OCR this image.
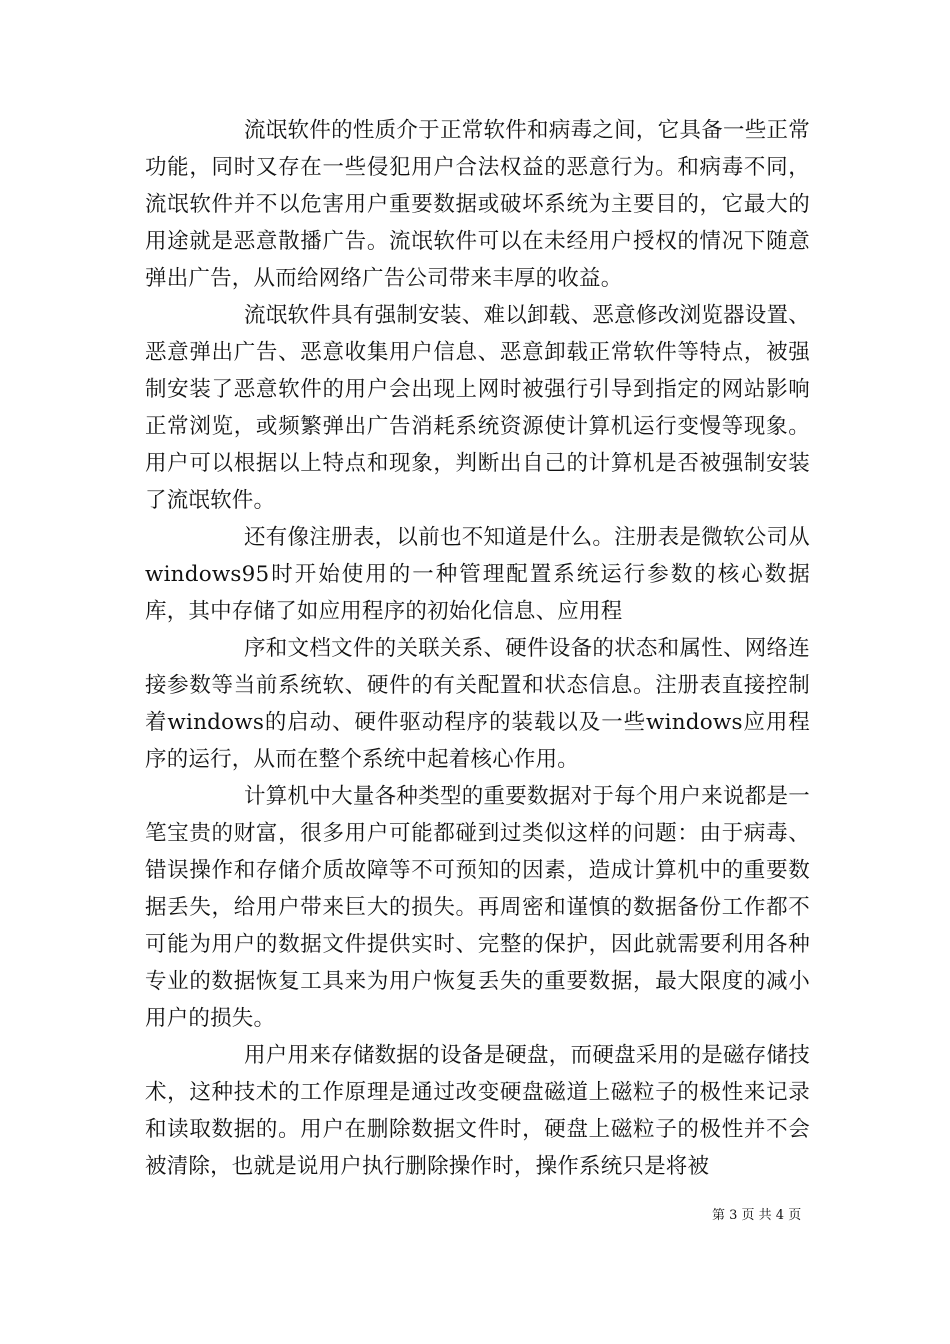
流氓软件的性质介于正常软件和病毒之间，它具备一些正常功能，同时又存在一些侵犯用户合法权益的恶意行为。和病毒不同，流氓软件并不以危害用户重要数据或破坏系统为主要目的，它最大的用途就是恶意散播广告。流氓软件可以在未经用户授权的情况下随意弹出广告，从而给网络广告公司带来丰厚的收益。

流氓软件具有强制安装、难以卸载、恶意修改浏览器设置、恶意弹出广告、恶意收集用户信息、恶意卸载正常软件等特点，被强制安装了恶意软件的用户会出现上网时被强行引导到指定的网站影响正常浏览，或频繁弹出广告消耗系统资源使计算机运行变慢等现象。用户可以根据以上特点和现象，判断出自己的计算机是否被强制安装了流氓软件。

还有像注册表，以前也不知道是什么。注册表是微软公司从windows95时开始使用的一种管理配置系统运行参数的核心数据库，其中存储了如应用程序的初始化信息、应用程

序和文档文件的关联关系、硬件设备的状态和属性、网络连接参数等当前系统软、硬件的有关配置和状态信息。注册表直接控制着windows的启动、硬件驱动程序的装载以及一些windows应用程序的运行，从而在整个系统中起着核心作用。

计算机中大量各种类型的重要数据对于每个用户来说都是一笔宝贵的财富，很多用户可能都碰到过类似这样的问题：由于病毒、错误操作和存储介质故障等不可预知的因素，造成计算机中的重要数据丢失，给用户带来巨大的损失。再周密和谨慎的数据备份工作都不可能为用户的数据文件提供实时、完整的保护，因此就需要利用各种专业的数据恢复工具来为用户恢复丢失的重要数据，最大限度的减小用户的损失。

用户用来存储数据的设备是硬盘，而硬盘采用的是磁存储技术，这种技术的工作原理是通过改变硬盘磁道上磁粒子的极性来记录和读取数据的。用户在删除数据文件时，硬盘上磁粒子的极性并不会被清除，也就是说用户执行删除操作时，操作系统只是将被

第 3 页 共 4 页
